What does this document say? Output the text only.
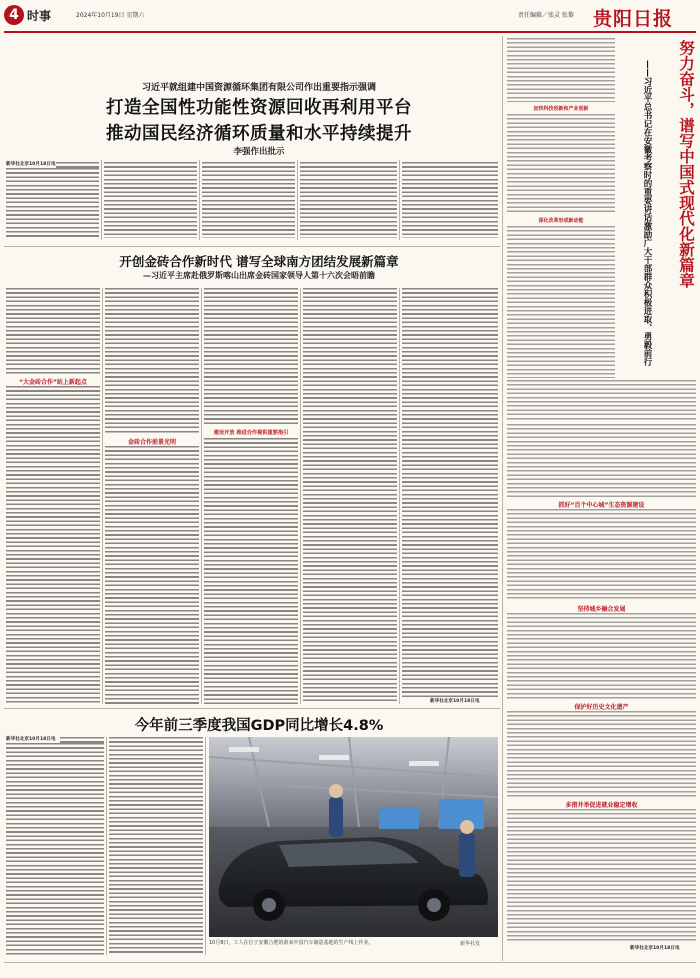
4 时事	2024年10月19日 星期六	责任编辑／张灵 张黎 贵阳日报
习近平就组建中国资源循环集团有限公司作出重要指示强调
打造全国性功能性资源回收再利用平台
推动国民经济循环质量和水平持续提升
李强作出批示
新华社北京10月18日电
开创金砖合作新时代 谱写全球南方团结发展新篇章
—习近平主席赴俄罗斯喀山出席金砖国家领导人第十六次会晤前瞻
“大金砖合作”站上新起点
金砖合作前景光明
建设开放 推进合作提供重要指引
新华社北京10月18日电
加快科技创新和产业创新
深化改革形成新动能	努力奋斗，谱写中国式现代化新篇章
——习近平总书记在安徽考察时的重要讲话激励广大干部群众积极进取、勇毅前行
抓好“百个中心城”生态资源建设
坚持城乡融合发展
保护好历史文化遗产
多措并举促进就业稳定增收
新华社北京10月18日电
今年前三季度我国GDP同比增长4.8%
新华社北京10月18日电
10月8日，工人在位于安徽合肥的蔚来中国汽车制造基地的生产线上作业。	新华社发
